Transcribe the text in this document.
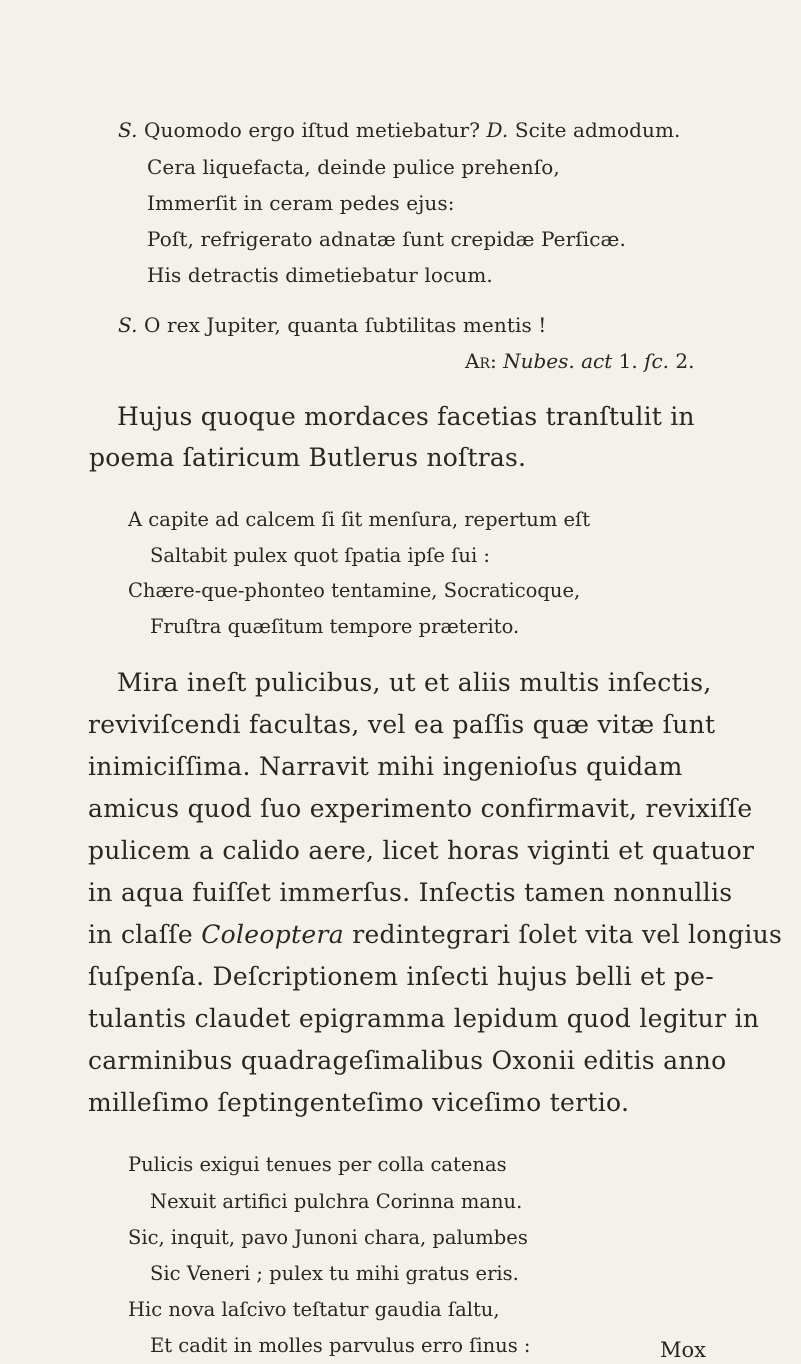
S. Quomodo ergo iſtud metiebatur? D. Scite admodum.

Cera liquefacta, deinde pulice prehenſo,

Immerſit in ceram pedes ejus:

Poſt, refrigerato adnatæ ſunt crepidæ Perſicæ.

His detractis dimetiebatur locum.

S. O rex Jupiter, quanta ſubtilitas mentis !

Ar: Nubes. act 1. ſc. 2.

Hujus quoque mordaces facetias tranſtulit in

poema ſatiricum Butlerus noſtras.

A capite ad calcem ſi ſit menſura, repertum eſt

Saltabit pulex quot ſpatia ipſe ſui :

Chære-que-phonteo tentamine, Socraticoque,

Fruſtra quæſitum tempore præterito.

Mira ineſt pulicibus, ut et aliis multis inſectis,

reviviſcendi facultas, vel ea paſſis quæ vitæ ſunt

inimiciſſima. Narravit mihi ingenioſus quidam

amicus quod ſuo experimento confirmavit, revixiſſe

pulicem a calido aere, licet horas viginti et quatuor

in aqua fuiſſet immerſus. Inſectis tamen nonnullis

in claſſe Coleoptera redintegrari ſolet vita vel longius

ſuſpenſa. Deſcriptionem inſecti hujus belli et pe-

tulantis claudet epigramma lepidum quod legitur in

carminibus quadrageſimalibus Oxonii editis anno

milleſimo ſeptingenteſimo viceſimo tertio.

Pulicis exigui tenues per colla catenas

Nexuit artifici pulchra Corinna manu.

Sic, inquit, pavo Junoni chara, palumbes

Sic Veneri ; pulex tu mihi gratus eris.

Hic nova laſcivo teſtatur gaudia ſaltu,

Et cadit in molles parvulus erro ſinus :	Mox
